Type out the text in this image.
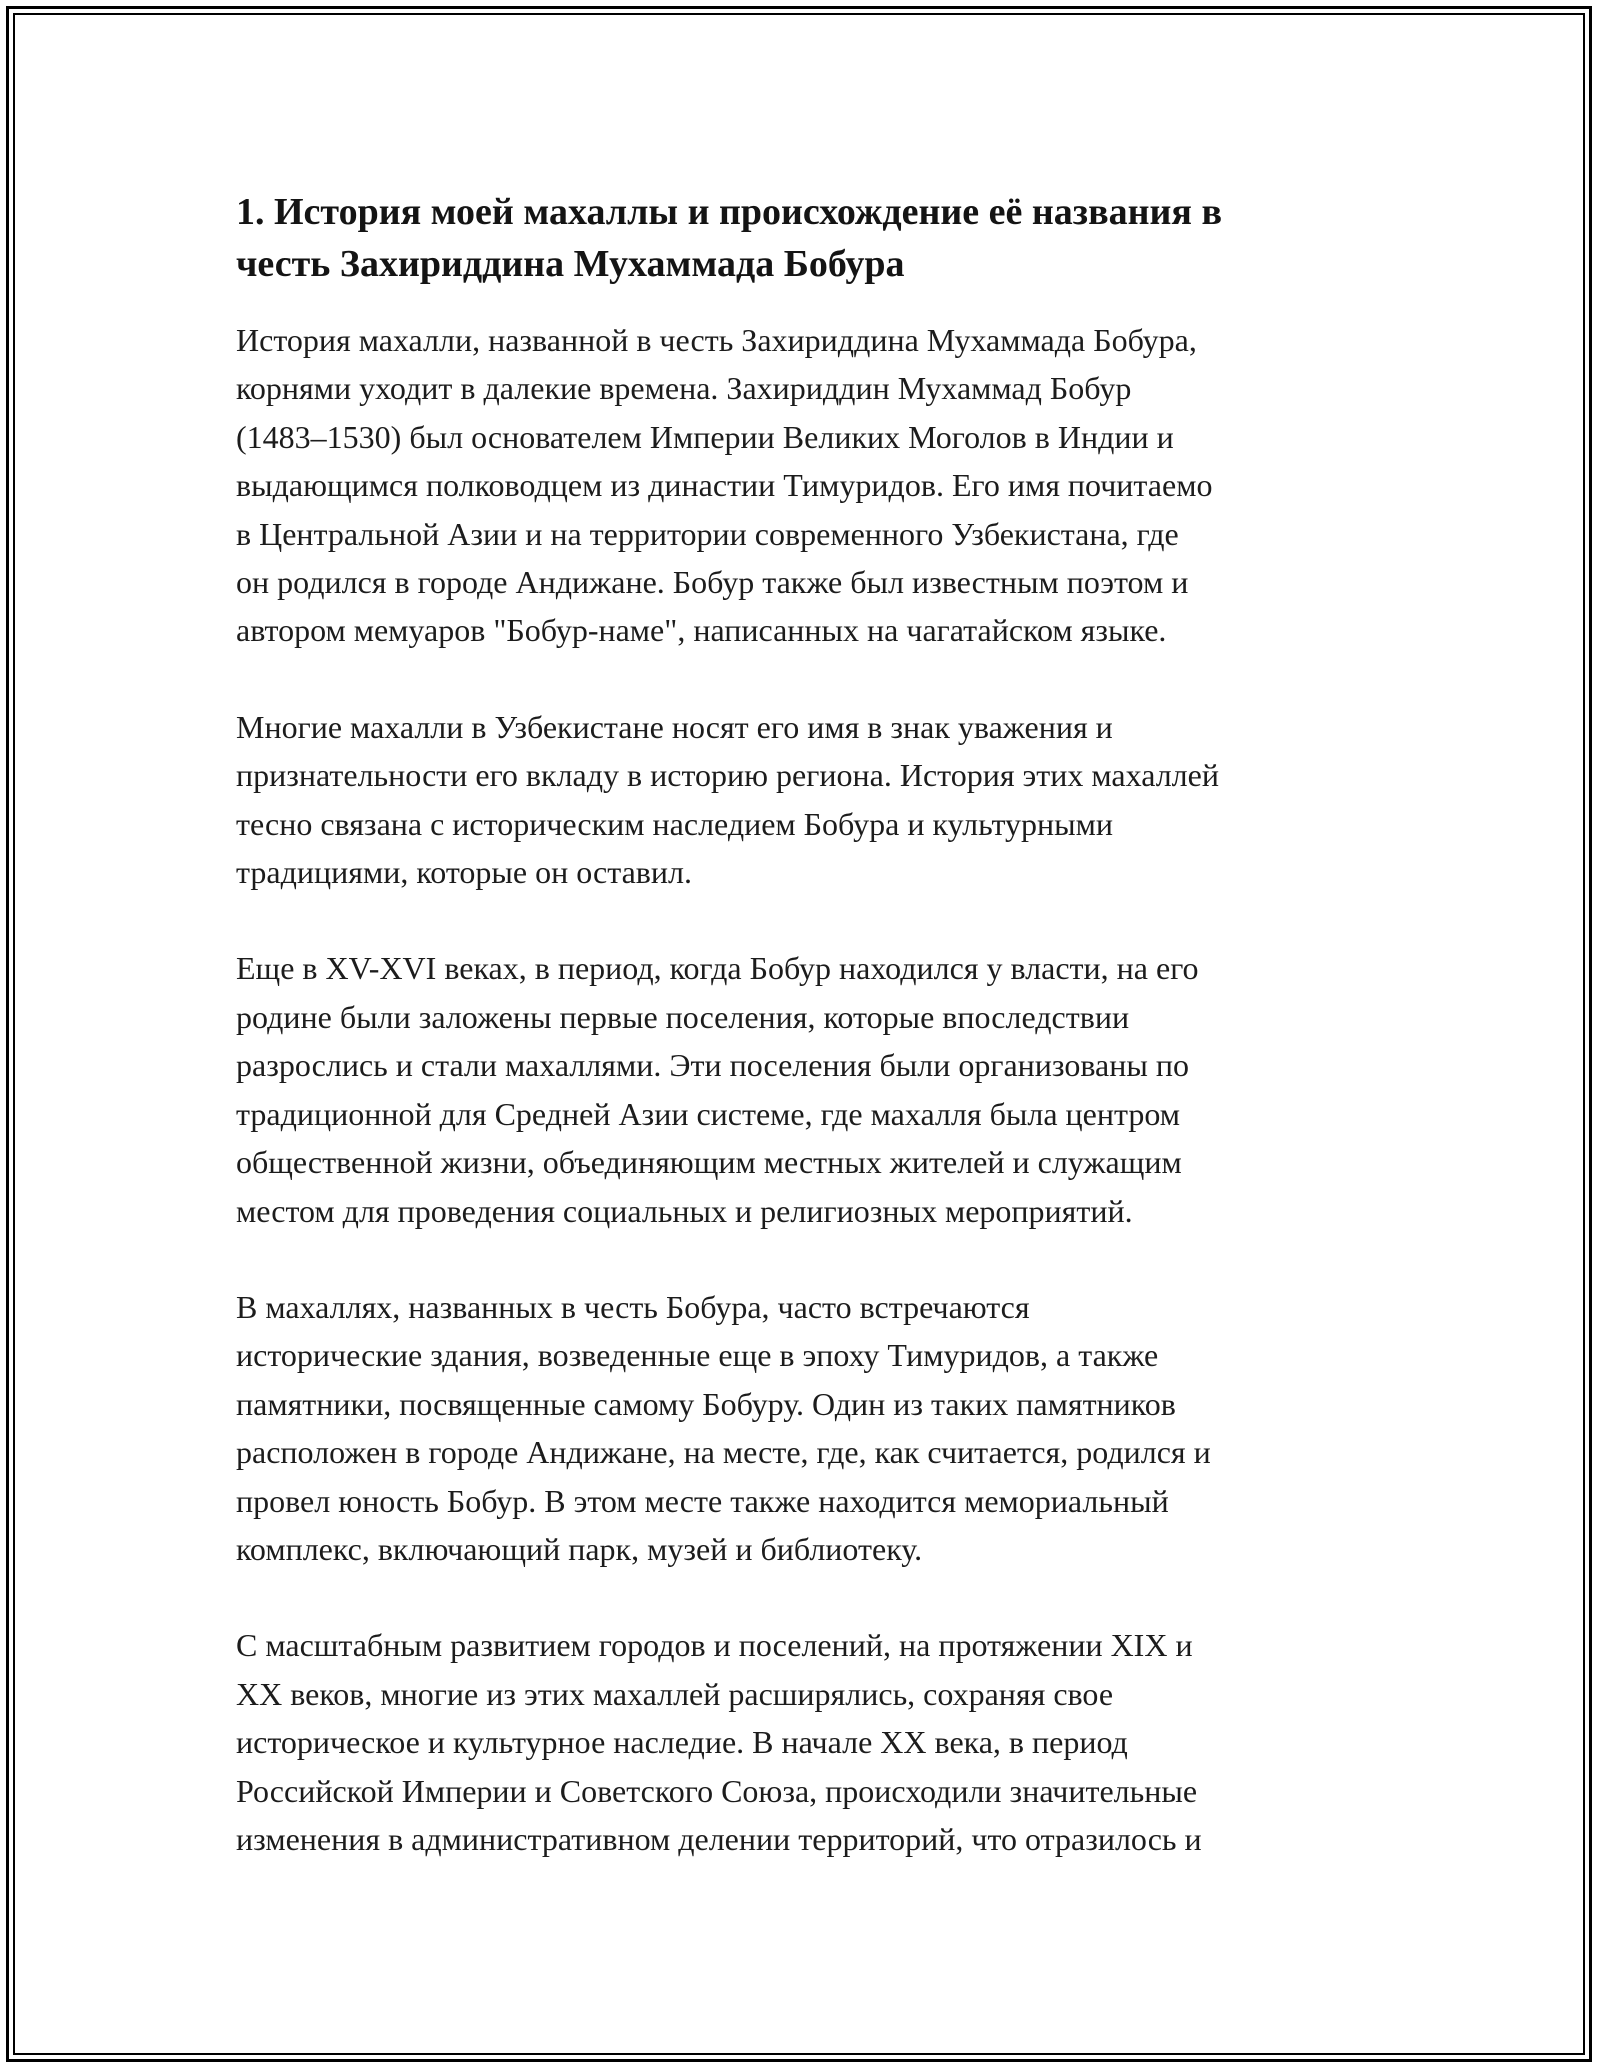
1. История моей махаллы и происхождение её названия в
честь Захириддина Мухаммада Бобура

История махалли, названной в честь Захириддина Мухаммада Бобура,
корнями уходит в далекие времена. Захириддин Мухаммад Бобур
(1483–1530) был основателем Империи Великих Моголов в Индии и
выдающимся полководцем из династии Тимуридов. Его имя почитаемо
в Центральной Азии и на территории современного Узбекистана, где
он родился в городе Андижане. Бобур также был известным поэтом и
автором мемуаров "Бобур-наме", написанных на чагатайском языке.

Многие махалли в Узбекистане носят его имя в знак уважения и
признательности его вкладу в историю региона. История этих махаллей
тесно связана с историческим наследием Бобура и культурными
традициями, которые он оставил.

Еще в XV-XVI веках, в период, когда Бобур находился у власти, на его
родине были заложены первые поселения, которые впоследствии
разрослись и стали махаллями. Эти поселения были организованы по
традиционной для Средней Азии системе, где махалля была центром
общественной жизни, объединяющим местных жителей и служащим
местом для проведения социальных и религиозных мероприятий.

В махаллях, названных в честь Бобура, часто встречаются
исторические здания, возведенные еще в эпоху Тимуридов, а также
памятники, посвященные самому Бобуру. Один из таких памятников
расположен в городе Андижане, на месте, где, как считается, родился и
провел юность Бобур. В этом месте также находится мемориальный
комплекс, включающий парк, музей и библиотеку.

С масштабным развитием городов и поселений, на протяжении XIX и
XX веков, многие из этих махаллей расширялись, сохраняя свое
историческое и культурное наследие. В начале XX века, в период
Российской Империи и Советского Союза, происходили значительные
изменения в административном делении территорий, что отразилось и
